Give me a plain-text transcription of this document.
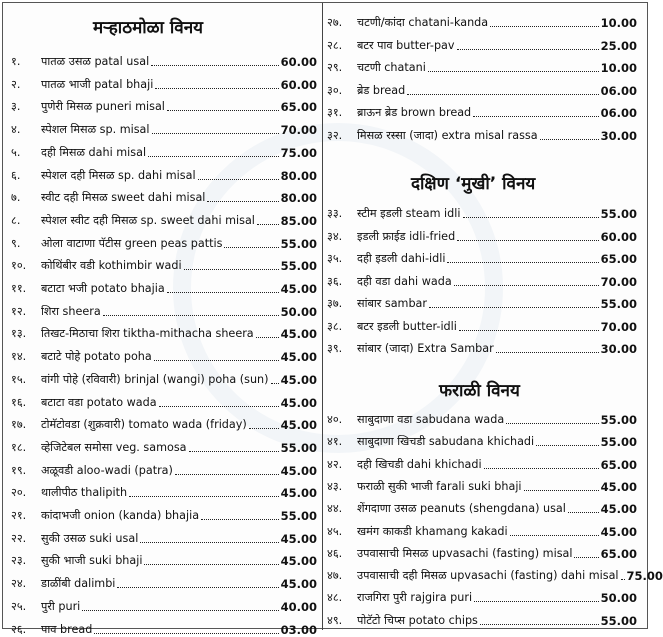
मऱ्हाठमोळा विनय
१.	पातळ उसळ patal usal	60.00
२.	पातळ भाजी patal bhaji	60.00
३.	पुणेरी मिसळ puneri misal	65.00
४.	स्पेशल मिसळ sp. misal	70.00
५.	दही मिसळ dahi misal	75.00
६.	स्पेशल दही मिसळ sp. dahi misal	80.00
७.	स्वीट दही मिसळ sweet dahi misal	80.00
८.	स्पेशल स्वीट दही मिसळ sp. sweet dahi misal 85.00
९.	ओला वाटाणा पॅटीस green peas pattis	55.00
१०.	कोथिंबीर वडी kothimbir wadi	55.00
११.	बटाटा भजी potato bhajia	45.00
१२.	शिरा sheera	50.00
१३.	तिखट-मिठाचा शिरा tiktha-mithacha sheera 45.00
१४.	बटाटे पोहे potato poha	45.00
१५.	वांगी पोहे (रविवारी) brinjal (wangi) poha (sun) 45.00
१६.	बटाटा वडा potato wada	45.00
१७.	टोमॅटोवडा (शुक्रवारी) tomato wada (friday)	45.00
१८.	व्हेजिटेबल समोसा veg. samosa	55.00
१९.	अळूवडी aloo-wadi (patra)	45.00
२०.	थालीपीठ thalipith	45.00
२१.	कांदाभजी onion (kanda) bhajia	55.00
२२.	सुकी उसळ suki usal	45.00
२३.	सुकी भाजी suki bhaji	45.00
२४.	डाळींबी dalimbi	45.00
२५.	पुरी puri	40.00
२६.	पाव bread	03.00
२७.	चटणी/कांदा chatani-kanda	10.00
२८.	बटर पाव butter-pav	25.00
२९.	चटणी chatani	10.00
३०.	ब्रेड bread	06.00
३१.	ब्राऊन ब्रेड brown bread	06.00
३२.	मिसळ रस्सा (जादा) extra misal rassa	30.00
दक्षिण ‘मुखी’ विनय
३३.	स्टीम इडली steam idli	55.00
३४.	इडली फ्राईड idli-fried	60.00
३५.	दही इडली dahi-idli	65.00
३६.	दही वडा dahi wada	70.00
३७.	सांबार sambar	55.00
३८.	बटर इडली butter-idli	70.00
३९.	सांबार (जादा) Extra Sambar	30.00
फराळी विनय
४०.	साबुदाणा वडा sabudana wada	55.00
४१.	साबुदाणा खिचडी sabudana khichadi	55.00
४२.	दही खिचडी dahi khichadi	65.00
४३.	फराळी सुकी भाजी farali suki bhaji	45.00
४४.	शेंगदाणा उसळ peanuts (shengdana) usal	45.00
४५.	खमंग काकडी khamang kakadi	45.00
४६.	उपवासाची मिसळ upvasachi (fasting) misal 65.00
४७.	उपवासाची दही मिसळ upvasachi (fasting) dahi misal 75.00
४८.	राजगिरा पुरी rajgira puri	50.00
४९.	पोटॅटो चिप्स potato chips	55.00
